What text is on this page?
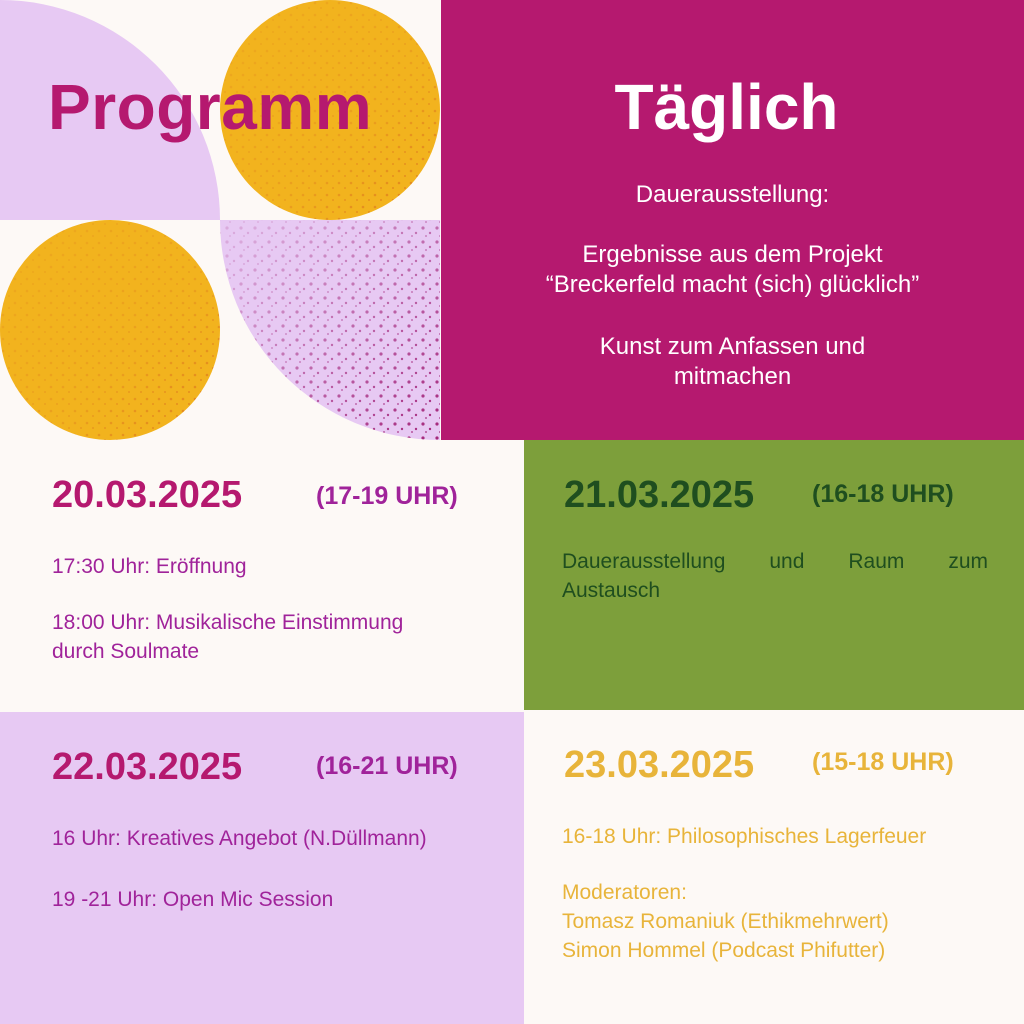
Programm	Täglich
Dauerausstellung:
Ergebnisse aus dem Projekt
“Breckerfeld macht (sich) glücklich”
Kunst zum Anfassen und
mitmachen
20.03.2025	(17-19 UHR)
17:30 Uhr: Eröffnung
18:00 Uhr: Musikalische Einstimmung
durch Soulmate
21.03.2025 (16-18 UHR)
Dauerausstellung und Raum zum
Austausch
22.03.2025	(16-21 UHR)
16 Uhr: Kreatives Angebot (N.Düllmann)
19 -21 Uhr: Open Mic Session
23.03.2025 (15-18 UHR)
16-18 Uhr: Philosophisches Lagerfeuer
Moderatoren:
Tomasz Romaniuk (Ethikmehrwert)
Simon Hommel (Podcast Phifutter)
